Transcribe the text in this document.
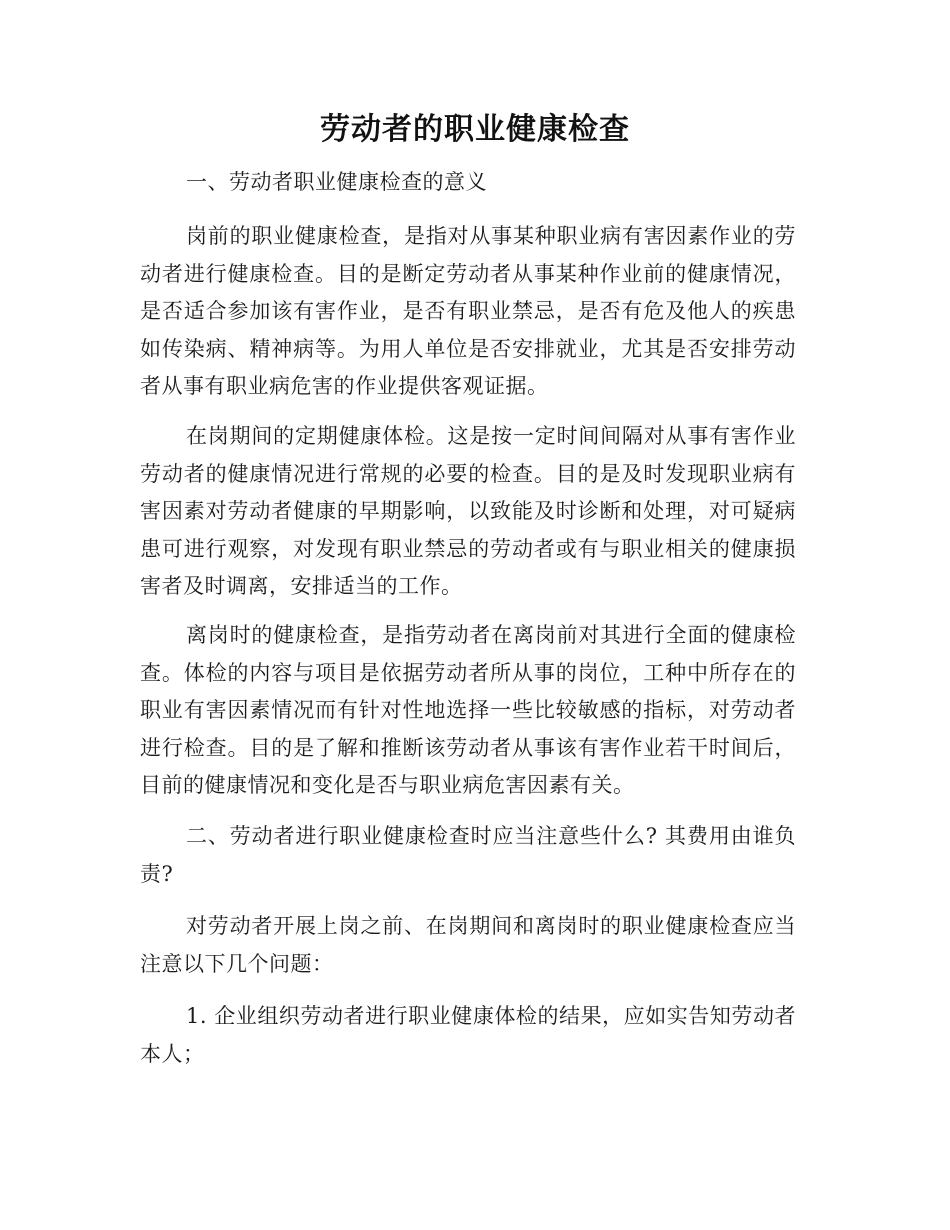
劳动者的职业健康检查

一、劳动者职业健康检查的意义

岗前的职业健康检查，是指对从事某种职业病有害因素作业的劳动者进行健康检查。目的是断定劳动者从事某种作业前的健康情况，是否适合参加该有害作业，是否有职业禁忌，是否有危及他人的疾患如传染病、精神病等。为用人单位是否安排就业，尤其是否安排劳动者从事有职业病危害的作业提供客观证据。

在岗期间的定期健康体检。这是按一定时间间隔对从事有害作业劳动者的健康情况进行常规的必要的检查。目的是及时发现职业病有害因素对劳动者健康的早期影响，以致能及时诊断和处理，对可疑病患可进行观察，对发现有职业禁忌的劳动者或有与职业相关的健康损害者及时调离，安排适当的工作。

离岗时的健康检查，是指劳动者在离岗前对其进行全面的健康检查。体检的内容与项目是依据劳动者所从事的岗位，工种中所存在的职业有害因素情况而有针对性地选择一些比较敏感的指标，对劳动者进行检查。目的是了解和推断该劳动者从事该有害作业若干时间后，目前的健康情况和变化是否与职业病危害因素有关。

二、劳动者进行职业健康检查时应当注意些什么? 其费用由谁负责?

对劳动者开展上岗之前、在岗期间和离岗时的职业健康检查应当注意以下几个问题：

1. 企业组织劳动者进行职业健康体检的结果，应如实告知劳动者本人；
